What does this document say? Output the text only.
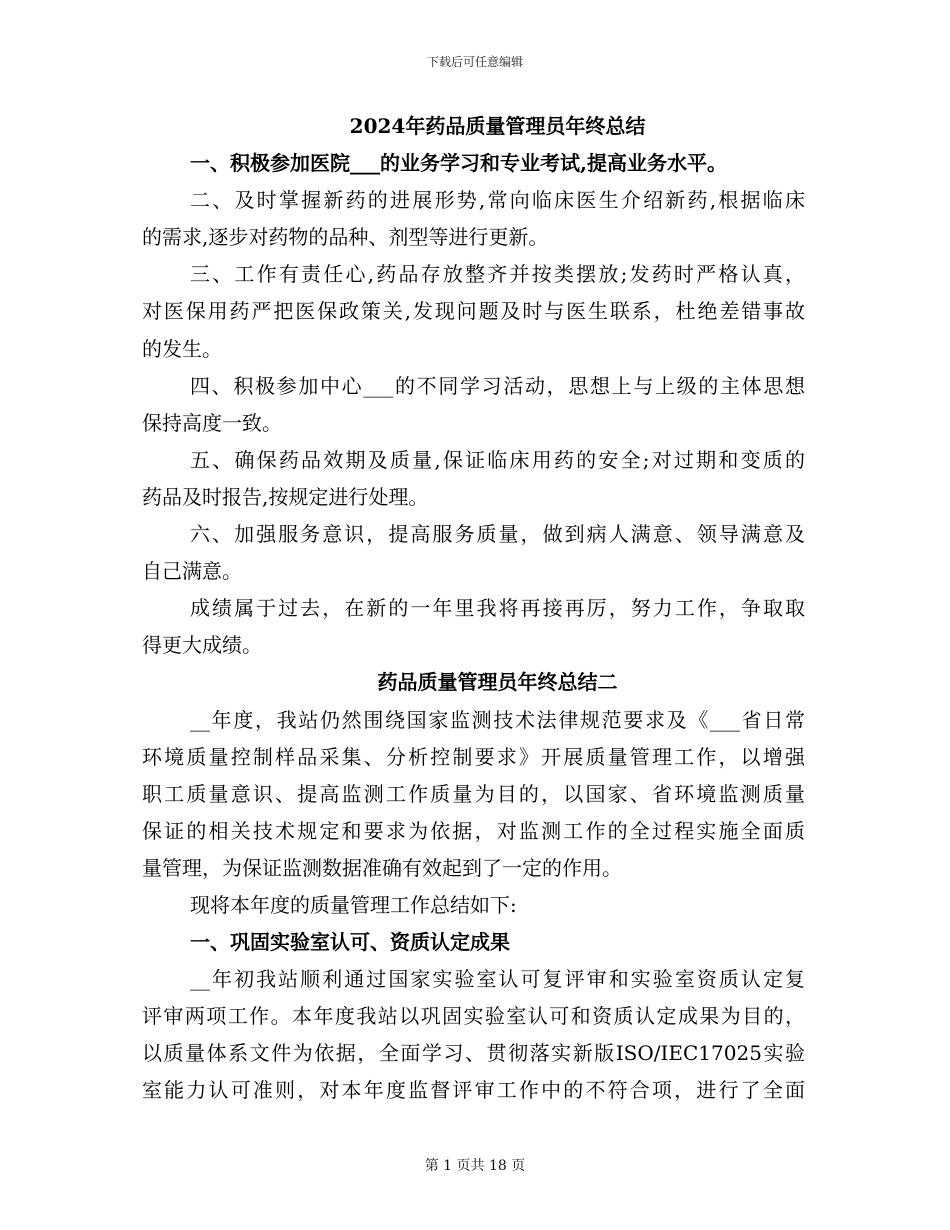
下载后可任意编辑
2024年药品质量管理员年终总结
一、积极参加医院___的业务学习和专业考试,提高业务水平。
二、及时掌握新药的进展形势,常向临床医生介绍新药,根据临床
的需求,逐步对药物的品种、剂型等进行更新。
三、工作有责任心,药品存放整齐并按类摆放;发药时严格认真，
对医保用药严把医保政策关,发现问题及时与医生联系，杜绝差错事故
的发生。
四、积极参加中心___的不同学习活动，思想上与上级的主体思想
保持高度一致。
五、确保药品效期及质量,保证临床用药的安全;对过期和变质的
药品及时报告,按规定进行处理。
六、加强服务意识，提高服务质量，做到病人满意、领导满意及
自己满意。
成绩属于过去，在新的一年里我将再接再厉，努力工作，争取取
得更大成绩。
药品质量管理员年终总结二
__年度，我站仍然围绕国家监测技术法律规范要求及《___省日常
环境质量控制样品采集、分析控制要求》开展质量管理工作，以增强
职工质量意识、提高监测工作质量为目的，以国家、省环境监测质量
保证的相关技术规定和要求为依据，对监测工作的全过程实施全面质
量管理，为保证监测数据准确有效起到了一定的作用。
现将本年度的质量管理工作总结如下:
一、巩固实验室认可、资质认定成果
__年初我站顺利通过国家实验室认可复评审和实验室资质认定复
评审两项工作。本年度我站以巩固实验室认可和资质认定成果为目的，
以质量体系文件为依据，全面学习、贯彻落实新版ISO/IEC17025实验
室能力认可准则，对本年度监督评审工作中的不符合项，进行了全面
第 1 页共 18 页
